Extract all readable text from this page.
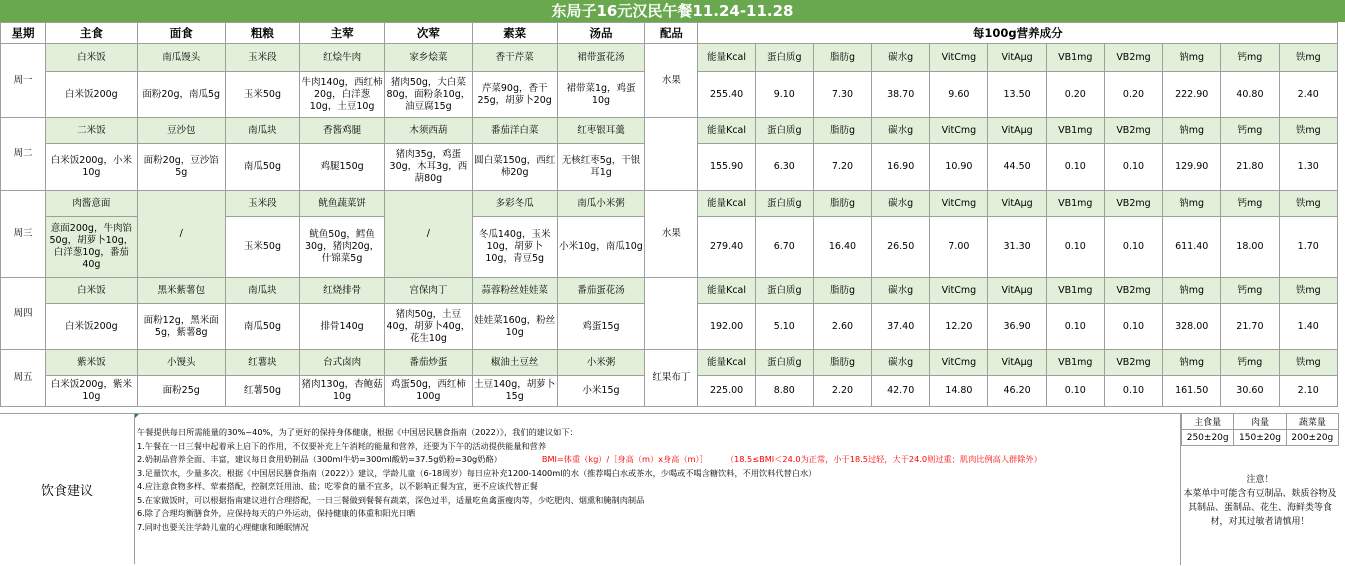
东局子16元汉民午餐11.24-11.28
星期	主食	面食	粗粮	主荤	次荤	素菜	汤品	配品	每100g营养成分										
周一	白米饭	南瓜馒头	玉米段	红烩牛肉	家乡烩菜	香干芹菜	裙带蛋花汤	水果	能量Kcal	蛋白质g	脂肪g	碳水g	VitCmg	VitAμg	VB1mg	VB2mg	钠mg	钙mg	铁mg
	白米饭200g	面粉20g，南瓜5g	玉米50g	牛肉140g，西红柿20g，白洋葱10g，土豆10g	猪肉50g，大白菜80g，面粉条10g，油豆腐15g	芹菜90g，香干25g，胡萝卜20g	裙带菜1g，鸡蛋10g		255.40	9.10	7.30	38.70	9.60	13.50	0.20	0.20	222.90	40.80	2.40
周二	二米饭	豆沙包	南瓜块	香酱鸡腿	木须西葫	番茄洋白菜	红枣银耳羹		能量Kcal	蛋白质g	脂肪g	碳水g	VitCmg	VitAμg	VB1mg	VB2mg	钠mg	钙mg	铁mg
	白米饭200g，小米10g	面粉20g，豆沙馅5g	南瓜50g	鸡腿150g	猪肉35g，鸡蛋30g，木耳3g，西葫80g	圆白菜150g，西红柿20g	无核红枣5g，干银耳1g		155.90	6.30	7.20	16.90	10.90	44.50	0.10	0.10	129.90	21.80	1.30
周三	肉酱意面	/	玉米段	鱿鱼蔬菜饼	/	多彩冬瓜	南瓜小米粥	水果	能量Kcal	蛋白质g	脂肪g	碳水g	VitCmg	VitAμg	VB1mg	VB2mg	钠mg	钙mg	铁mg
	意面200g，牛肉馅50g，胡萝卜10g，白洋葱10g，番茄40g		玉米50g	鱿鱼50g，鳕鱼30g，猪肉20g，什锦菜5g		冬瓜140g，玉米10g，胡萝卜10g，青豆5g	小米10g，南瓜10g		279.40	6.70	16.40	26.50	7.00	31.30	0.10	0.10	611.40	18.00	1.70
周四	白米饭	黑米紫薯包	南瓜块	红烧排骨	宫保肉丁	蒜蓉粉丝娃娃菜	番茄蛋花汤		能量Kcal	蛋白质g	脂肪g	碳水g	VitCmg	VitAμg	VB1mg	VB2mg	钠mg	钙mg	铁mg
	白米饭200g	面粉12g，黑米面5g，紫薯8g	南瓜50g	排骨140g	猪肉50g，土豆40g，胡萝卜40g，花生10g	娃娃菜160g，粉丝10g	鸡蛋15g		192.00	5.10	2.60	37.40	12.20	36.90	0.10	0.10	328.00	21.70	1.40
周五	紫米饭	小馒头	红薯块	台式卤肉	番茄炒蛋	椒油土豆丝	小米粥	红果布丁	能量Kcal	蛋白质g	脂肪g	碳水g	VitCmg	VitAμg	VB1mg	VB2mg	钠mg	钙mg	铁mg
	白米饭200g，紫米10g	面粉25g	红薯50g	猪肉130g，杏鲍菇10g	鸡蛋50g，西红柿100g	土豆140g，胡萝卜15g	小米15g		225.00	8.80	2.20	42.70	14.80	46.20	0.10	0.10	161.50	30.60	2.10
饮食建议
午餐提供每日所需能量的30%~40%，为了更好的保持身体健康，根据《中国居民膳食指南（2022）》，我们的建议如下：
1.午餐在一日三餐中起着承上启下的作用，不仅要补充上午消耗的能量和营养，还要为下午的活动提供能量和营养
2.奶制品营养全面、丰富，建议每日食用奶制品（300ml牛奶=300ml酸奶=37.5g奶粉=30g奶酪）	BMI=体重（kg）/［身高（m）x身高（m）］ （18.5≤BMI＜24.0为正常，小于18.5过轻，大于24.0则过重；肌肉比例高人群除外）
3.足量饮水，少量多次。根据《中国居民膳食指南（2022）》建议，学龄儿童（6-18周岁）每日应补充1200-1400ml的水（推荐喝白水或茶水，少喝或不喝含糖饮料，不用饮料代替白水）
4.应注意食物多样、荤素搭配，控制烹饪用油、盐；吃零食的量不宜多，以不影响正餐为宜，更不应该代替正餐
5.在家做饭时，可以根据指南建议进行合理搭配，一日三餐做到餐餐有蔬菜，深色过半，适量吃鱼禽蛋瘦肉等，少吃肥肉、烟熏和腌制肉制品
6.除了合理均衡膳食外，应保持每天的户外运动，保持健康的体重和阳光日晒
7.同时也要关注学龄儿童的心理健康和睡眠情况
主食量	肉量	蔬菜量
250±20g	150±20g	200±20g
注意！
本菜单中可能含有豆制品、麸质谷物及其制品、蛋制品、花生、海鲜类等食材，对其过敏者请慎用！
